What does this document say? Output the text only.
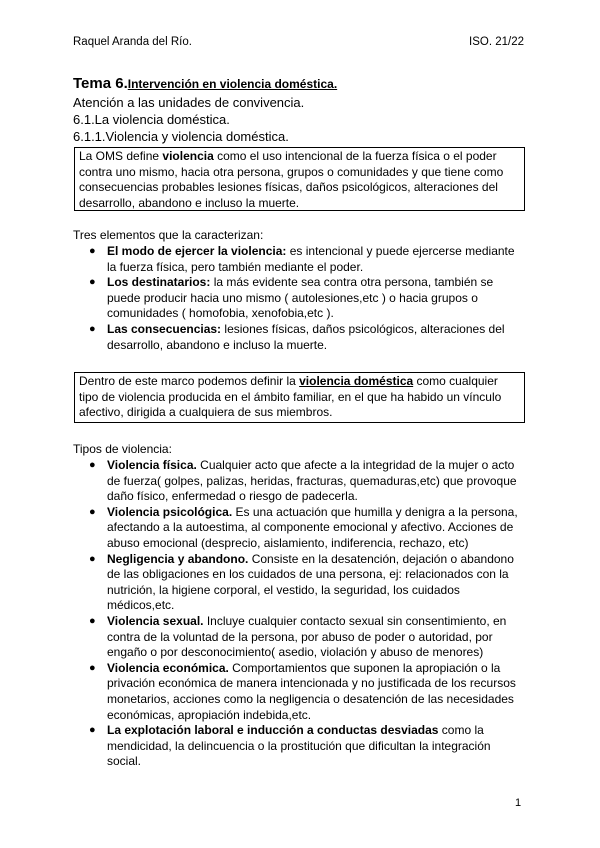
Raquel Aranda del Río.	ISO. 21/22
Tema 6.Intervención en violencia doméstica.
Atención a las unidades de convivencia.
6.1.La violencia doméstica.
6.1.1.Violencia y violencia doméstica.
La OMS define violencia como el uso intencional de la fuerza física o el poder contra uno mismo, hacia otra persona, grupos o comunidades y que tiene como consecuencias probables lesiones físicas, daños psicológicos, alteraciones del desarrollo, abandono e incluso la muerte.
Tres elementos que la caracterizan:
● El modo de ejercer la violencia: es intencional y puede ejercerse mediante la fuerza física, pero también mediante el poder.
● Los destinatarios: la más evidente sea contra otra persona, también se puede producir hacia uno mismo ( autolesiones,etc ) o hacia grupos o comunidades ( homofobia, xenofobia,etc ).
● Las consecuencias: lesiones físicas, daños psicológicos, alteraciones del desarrollo, abandono e incluso la muerte.
Dentro de este marco podemos definir la violencia doméstica como cualquier tipo de violencia producida en el ámbito familiar, en el que ha habido un vínculo afectivo, dirigida a cualquiera de sus miembros.
Tipos de violencia:
● Violencia física. Cualquier acto que afecte a la integridad de la mujer o acto de fuerza( golpes, palizas, heridas, fracturas, quemaduras,etc) que provoque daño físico, enfermedad o riesgo de padecerla.
● Violencia psicológica. Es una actuación que humilla y denigra a la persona, afectando a la autoestima, al componente emocional y afectivo. Acciones de abuso emocional (desprecio, aislamiento, indiferencia, rechazo, etc)
● Negligencia y abandono. Consiste en la desatención, dejación o abandono de las obligaciones en los cuidados de una persona, ej: relacionados con la nutrición, la higiene corporal, el vestido, la seguridad, los cuidados médicos,etc.
● Violencia sexual. Incluye cualquier contacto sexual sin consentimiento, en contra de la voluntad de la persona, por abuso de poder o autoridad, por engaño o por desconocimiento( asedio, violación y abuso de menores)
● Violencia económica. Comportamientos que suponen la apropiación o la privación económica de manera intencionada y no justificada de los recursos monetarios, acciones como la negligencia o desatención de las necesidades económicas, apropiación indebida,etc.
● La explotación laboral e inducción a conductas desviadas como la mendicidad, la delincuencia o la prostitución que dificultan la integración social.
1
